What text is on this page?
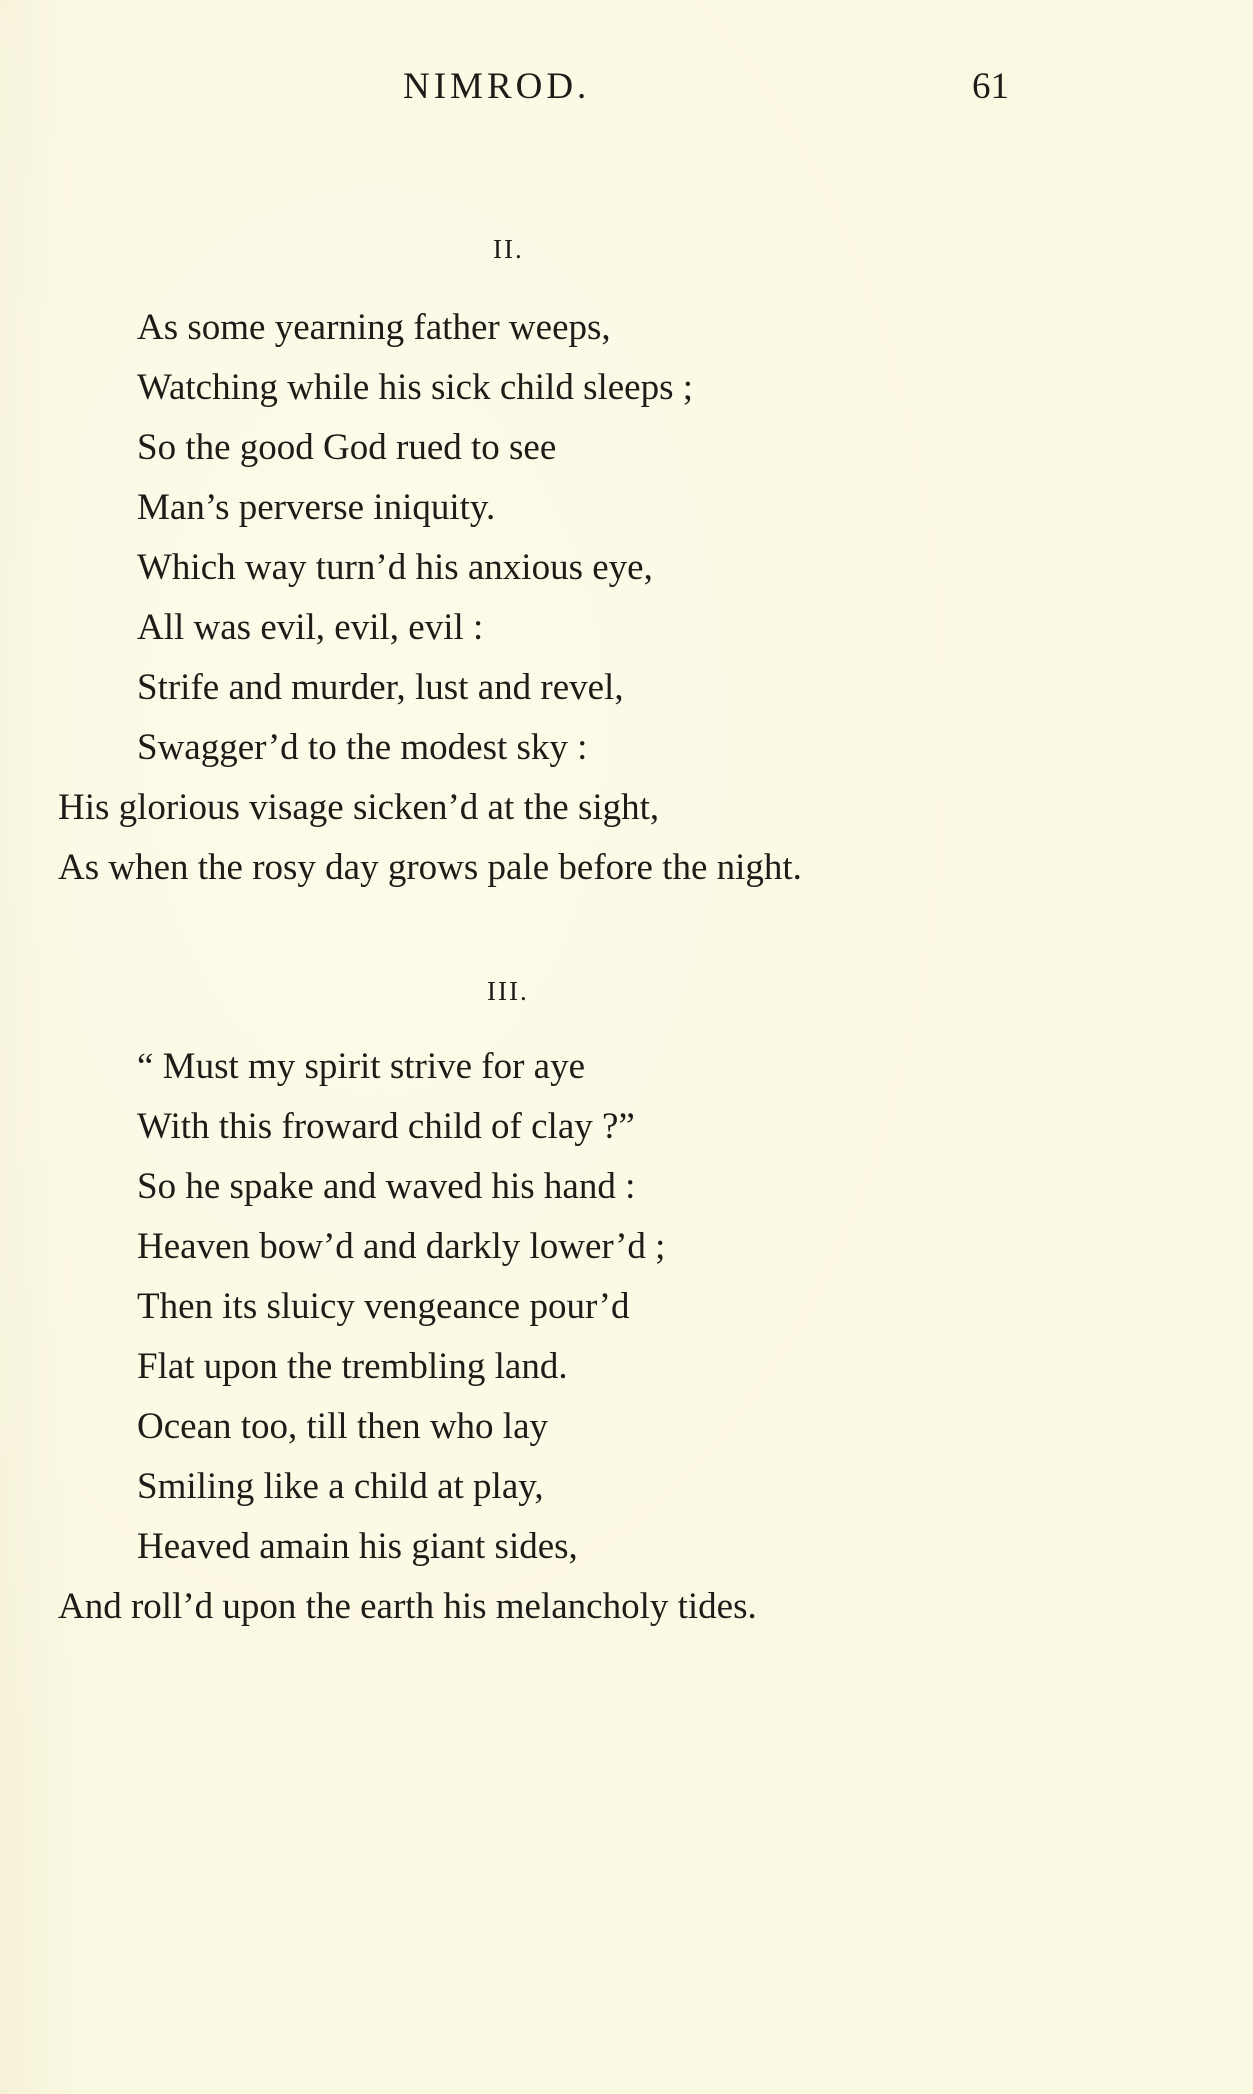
NIMROD.	61
II.
As some yearning father weeps,
Watching while his sick child sleeps ;
So the good God rued to see
Man’s perverse iniquity.
Which way turn’d his anxious eye,
All was evil, evil, evil :
Strife and murder, lust and revel,
Swagger’d to the modest sky :
His glorious visage sicken’d at the sight,
As when the rosy day grows pale before the night.
III.
“ Must my spirit strive for aye
With this froward child of clay ?”
So he spake and waved his hand :
Heaven bow’d and darkly lower’d ;
Then its sluicy vengeance pour’d
Flat upon the trembling land.
Ocean too, till then who lay
Smiling like a child at play,
Heaved amain his giant sides,
And roll’d upon the earth his melancholy tides.
